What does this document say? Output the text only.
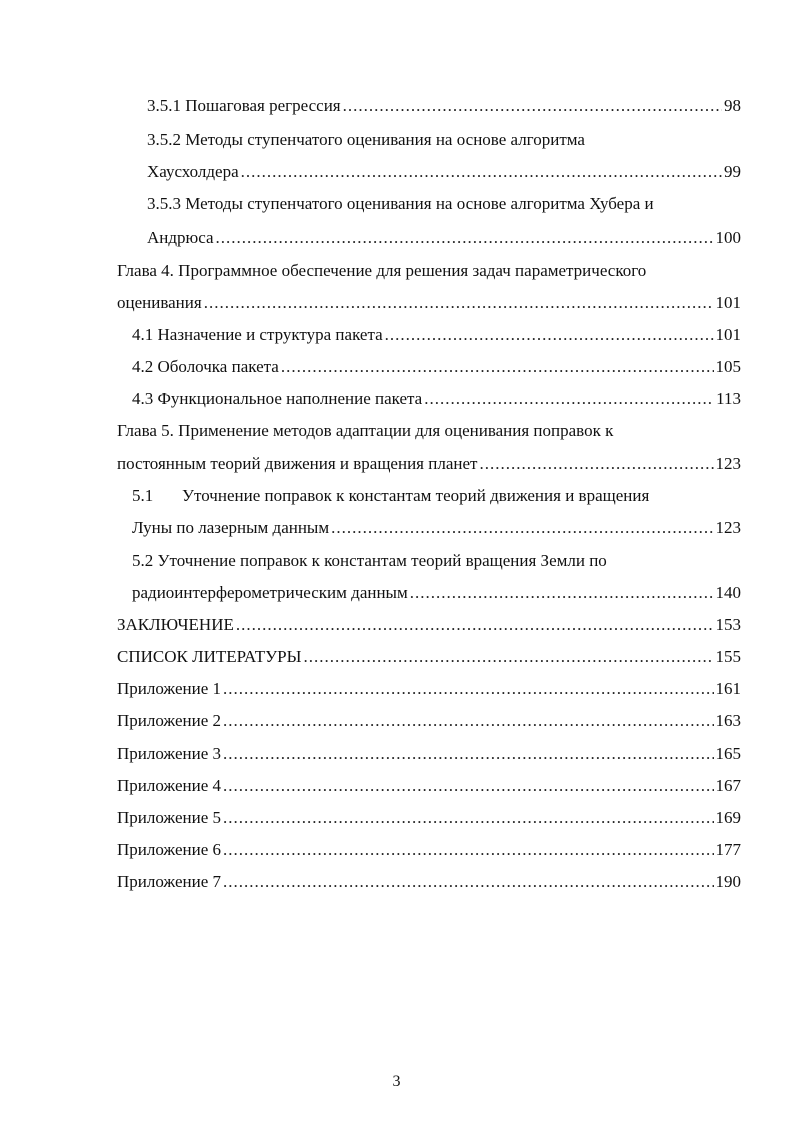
3.5.1 Пошаговая регрессия .....	98
3.5.2 Методы ступенчатого оценивания на основе алгоритма
Хаусхолдера .....	99
3.5.3 Методы ступенчатого оценивания на основе алгоритма Хубера и
Андрюса .....	100
Глава 4. Программное обеспечение для решения задач параметрического
оценивания .....	101
4.1 Назначение и структура пакета .....	101
4.2 Оболочка пакета .....	105
4.3 Функциональное наполнение пакета .....	113
Глава 5. Применение методов адаптации для оценивания поправок к
постоянным теорий движения и вращения планет .....	123
5.1 Уточнение поправок к константам теорий движения и вращения
Луны по лазерным данным .....	123
5.2 Уточнение поправок к константам теорий вращения Земли по
радиоинтерферометрическим данным .....	140
ЗАКЛЮЧЕНИЕ .....	153
СПИСОК ЛИТЕРАТУРЫ .....	155
Приложение 1 .....	161
Приложение 2 .....	163
Приложение 3 .....	165
Приложение 4 .....	167
Приложение 5 .....	169
Приложение 6 .....	177
Приложение 7 .....	190
3
